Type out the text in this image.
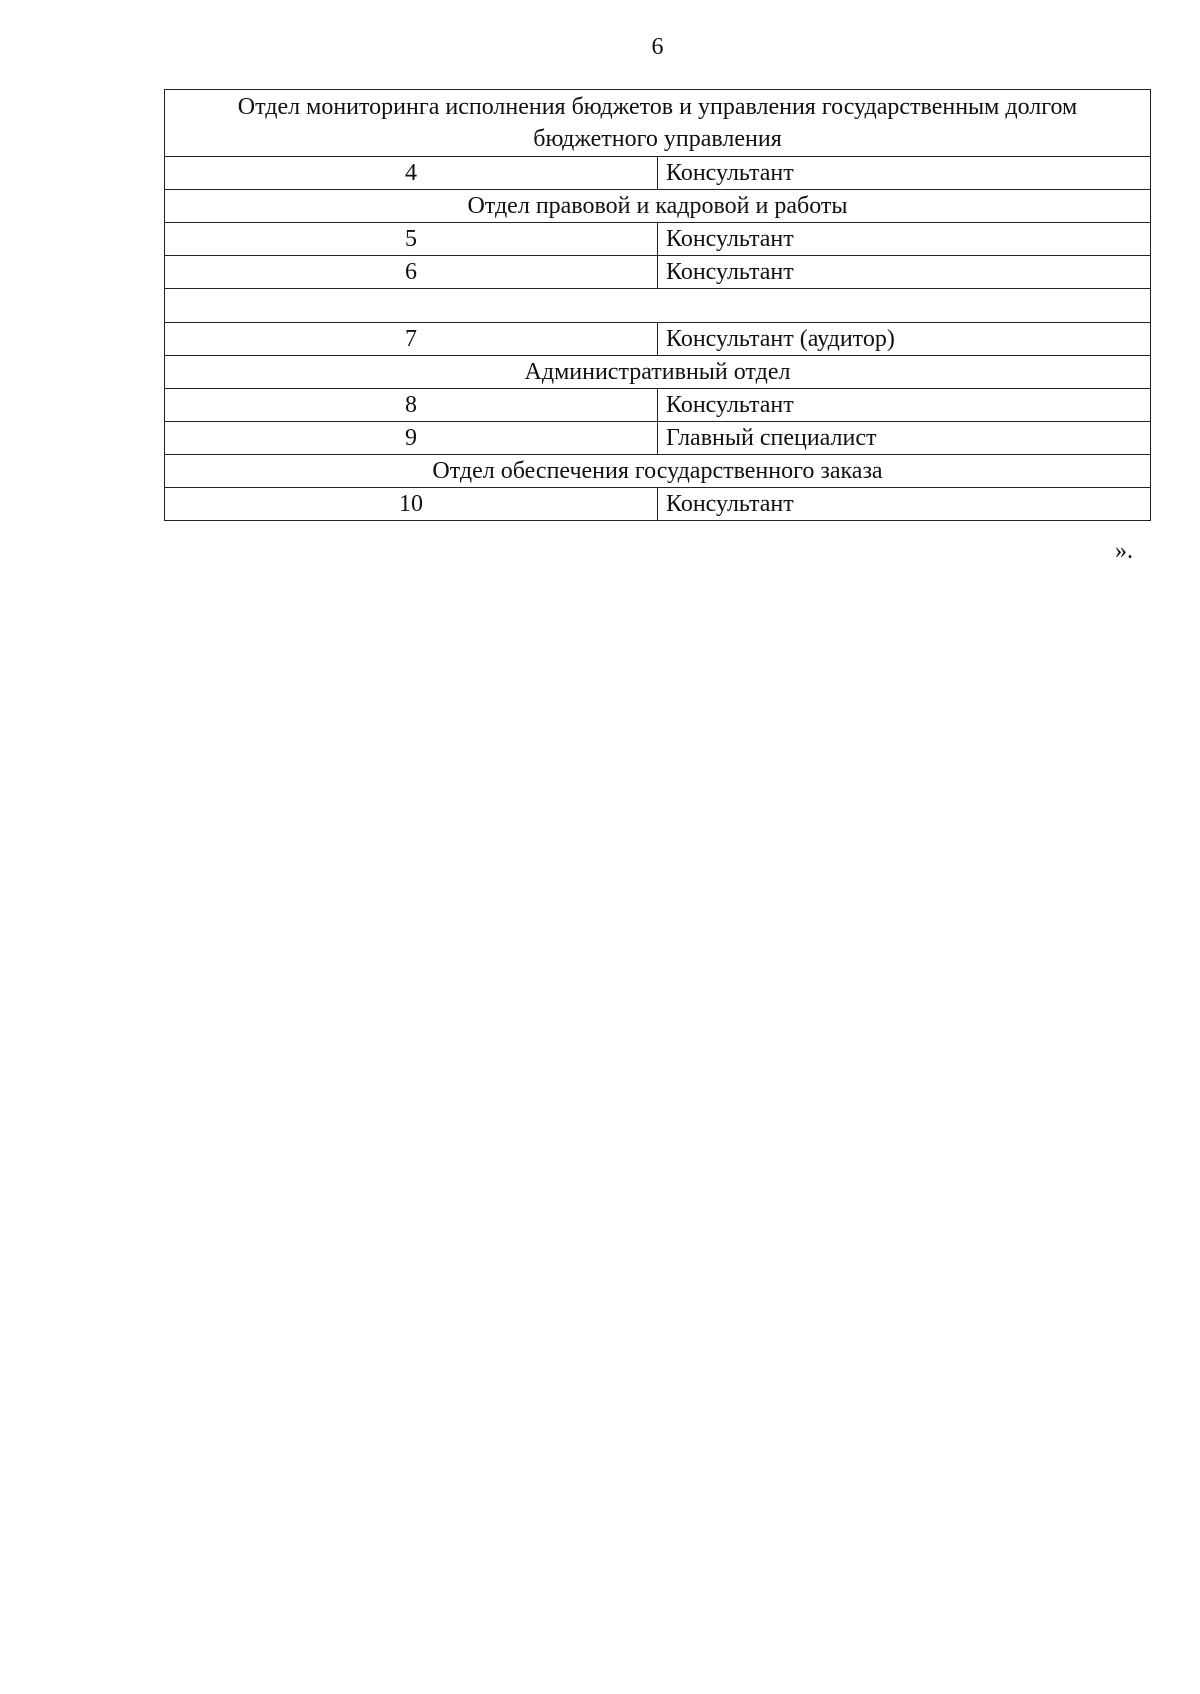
6
Отдел мониторинга исполнения бюджетов и управления государственным долгом бюджетного управления	
4	Консультант
Отдел правовой и кадровой и работы	
5	Консультант
6	Консультант

7	Консультант (аудитор)
Административный отдел	
8	Консультант
9	Главный специалист
Отдел обеспечения государственного заказа	
10	Консультант
».
